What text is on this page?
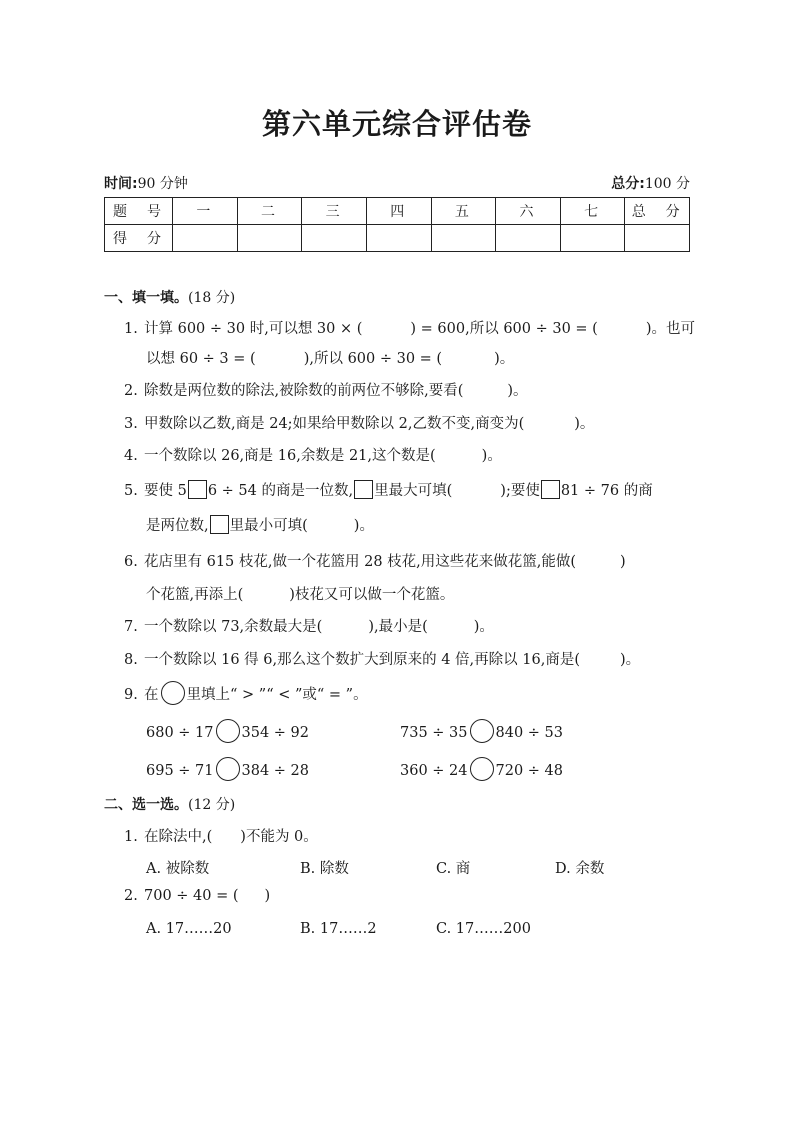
第六单元综合评估卷
时间:90 分钟	总分:100 分
题　号	一	二	三	四	五	六	七	总　分
得　分								
一、填一填。(18 分)
1. 计算 600 ÷ 30 时,可以想 30 × (	) = 600,所以 600 ÷ 30 = (	)。也可
以想 60 ÷ 3 = (	),所以 600 ÷ 30 = (	)。
2. 除数是两位数的除法,被除数的前两位不够除,要看(	)。
3. 甲数除以乙数,商是 24;如果给甲数除以 2,乙数不变,商变为(	)。
4. 一个数除以 26,商是 16,余数是 21,这个数是(	)。
5. 要使 5 6 ÷ 54 的商是一位数, 里最大可填(	);要使 81 ÷ 76 的商
是两位数, 里最小可填(	)。
6. 花店里有 615 枝花,做一个花篮用 28 枝花,用这些花来做花篮,能做(	)
个花篮,再添上(	)枝花又可以做一个花篮。
7. 一个数除以 73,余数最大是(	),最小是(	)。
8. 一个数除以 16 得 6,那么这个数扩大到原来的 4 倍,再除以 16,商是(	)。
9. 在 里填上“ > ”“ < ”或“ = ”。
680 ÷ 17 354 ÷ 92	735 ÷ 35 840 ÷ 53
695 ÷ 71 384 ÷ 28	360 ÷ 24 720 ÷ 48
二、选一选。(12 分)
1. 在除法中,( )不能为 0。
A. 被除数	B. 除数	C. 商	D. 余数
2. 700 ÷ 40 = ( )
A. 17……20	B. 17……2	C. 17……200
